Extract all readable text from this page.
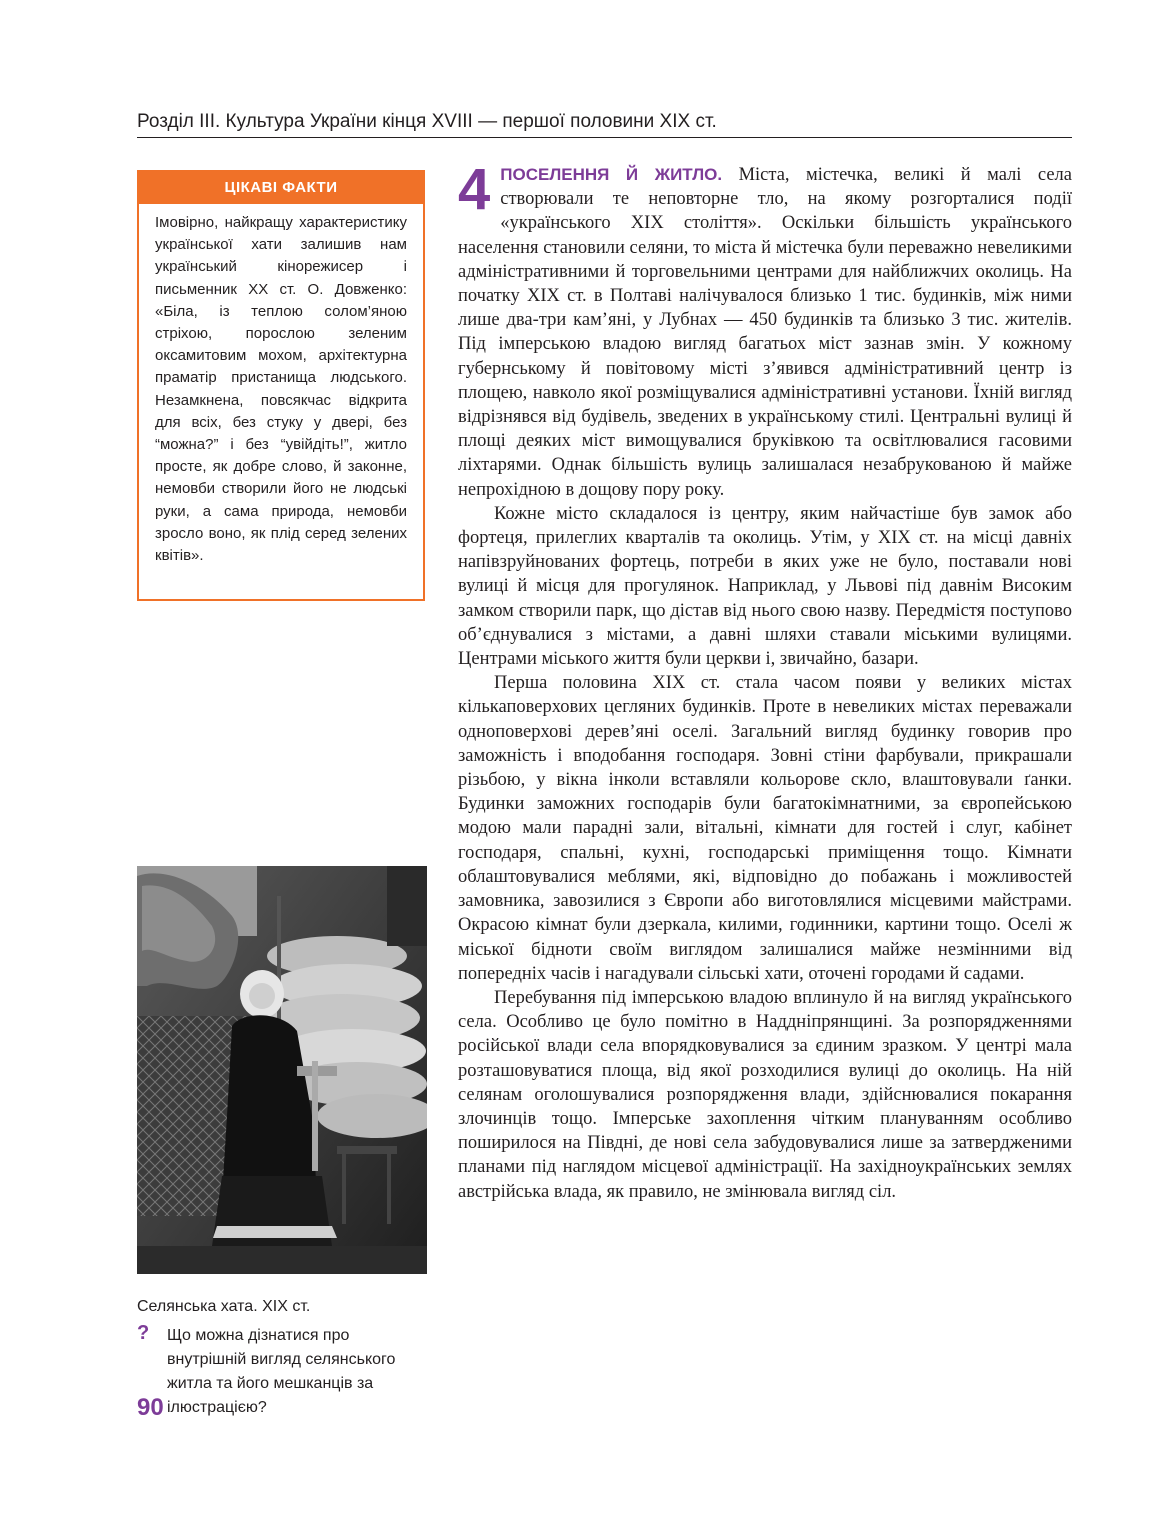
Розділ ІІІ. Культура України кінця XVIII — першої половини XIX ст.
ЦІКАВІ ФАКТИ
Імовірно, найкращу характеристику української хати залишив нам український кінорежисер і письменник XX ст. О. Довженко: «Біла, із теплою солом’яною стріхою, порослою зеленим оксамитовим мохом, архітектурна праматір пристанища людського. Незамкнена, повсякчас відкрита для всіх, без стуку у двері, без “можна?” і без “увійдіть!”, житло просте, як добре слово, й законне, немовби створили його не людські руки, а сама природа, немовби зросло воно, як плід серед зелених квітів».
Селянська хата. XIX ст.
? Що можна дізнатися про внутрішній вигляд селянського житла та його мешканців за ілюстрацією?
90

4 ПОСЕЛЕННЯ Й ЖИТЛО. Міста, містечка, великі й малі села створювали те неповторне тло, на якому розгорталися події «українського XIX століття». Оскільки більшість українського населення становили селяни, то міста й містечка були переважно невеликими адміністративними й торговельними центрами для найближчих околиць. На початку XIX ст. в Полтаві налічувалося близько 1 тис. будинків, між ними лише два-три кам’яні, у Лубнах — 450 будинків та близько 3 тис. жителів. Під імперською владою вигляд багатьох міст зазнав змін. У кожному губернському й повітовому місті з’явився адміністративний центр із площею, навколо якої розміщувалися адміністративні установи. Їхній вигляд відрізнявся від будівель, зведених в українському стилі. Центральні вулиці й площі деяких міст вимощувалися бруківкою та освітлювалися гасовими ліхтарями. Однак більшість вулиць залишалася незабрукованою й майже непрохідною в дощову пору року.

Кожне місто складалося із центру, яким найчастіше був замок або фортеця, прилеглих кварталів та околиць. Утім, у XIX ст. на місці давніх напівзруйнованих фортець, потреби в яких уже не було, поставали нові вулиці й місця для прогулянок. Наприклад, у Львові під давнім Високим замком створили парк, що дістав від нього свою назву. Передмістя поступово об’єднувалися з містами, а давні шляхи ставали міськими вулицями. Центрами міського життя були церкви і, звичайно, базари.

Перша половина XIX ст. стала часом появи у великих містах кількаповерхових цегляних будинків. Проте в невеликих містах переважали одноповерхові дерев’яні оселі. Загальний вигляд будинку говорив про заможність і вподобання господаря. Зовні стіни фарбували, прикрашали різьбою, у вікна інколи вставляли кольорове скло, влаштовували ґанки. Будинки заможних господарів були багатокімнатними, за європейською модою мали парадні зали, вітальні, кімнати для гостей і слуг, кабінет господаря, спальні, кухні, господарські приміщення тощо. Кімнати облаштовувалися меблями, які, відповідно до побажань і можливостей замовника, завозилися з Європи або виготовлялися місцевими майстрами. Окрасою кімнат були дзеркала, килими, годинники, картини тощо. Оселі ж міської бідноти своїм виглядом залишалися майже незмінними від попередніх часів і нагадували сільські хати, оточені городами й садами.

Перебування під імперською владою вплинуло й на вигляд українського села. Особливо це було помітно в Наддніпрянщині. За розпорядженнями російської влади села впорядковувалися за єдиним зразком. У центрі мала розташовуватися площа, від якої розходилися вулиці до околиць. На ній селянам оголошувалися розпорядження влади, здійснювалися покарання злочинців тощо. Імперське захоплення чітким плануванням особливо поширилося на Півдні, де нові села забудовувалися лише за затвердженими планами під наглядом місцевої адміністрації. На західноукраїнських землях австрійська влада, як правило, не змінювала вигляд сіл.
